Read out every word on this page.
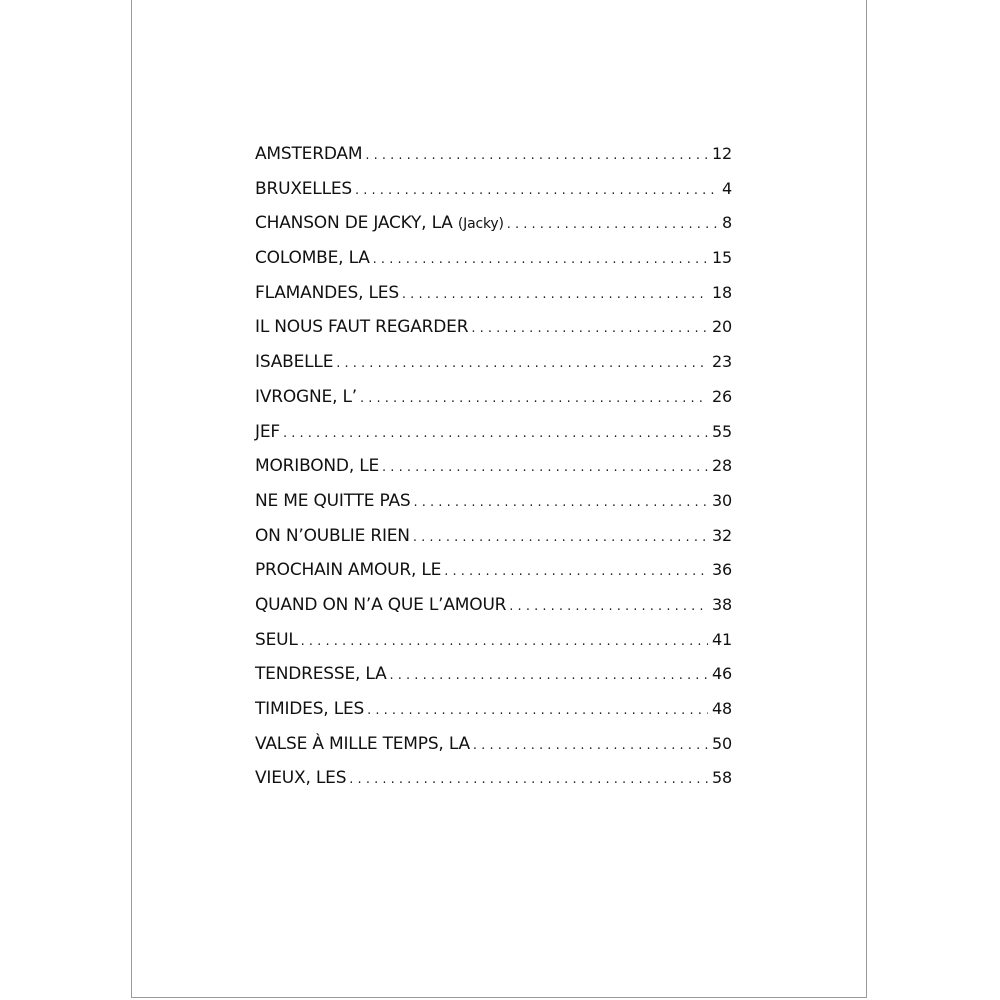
AMSTERDAM . . .	12
BRUXELLES . . .	4
CHANSON DE JACKY, LA (Jacky) . . .	8
COLOMBE, LA . . .	15
FLAMANDES, LES . . .	18
IL NOUS FAUT REGARDER . . .	20
ISABELLE . . .	23
IVROGNE, L’ . . .	26
JEF . . .	55
MORIBOND, LE . . .	28
NE ME QUITTE PAS . . .	30
ON N’OUBLIE RIEN . . .	32
PROCHAIN AMOUR, LE . . .	36
QUAND ON N’A QUE L’AMOUR . . .	38
SEUL . . .	41
TENDRESSE, LA . . .	46
TIMIDES, LES . . .	48
VALSE À MILLE TEMPS, LA . . .	50
VIEUX, LES . . .	58
